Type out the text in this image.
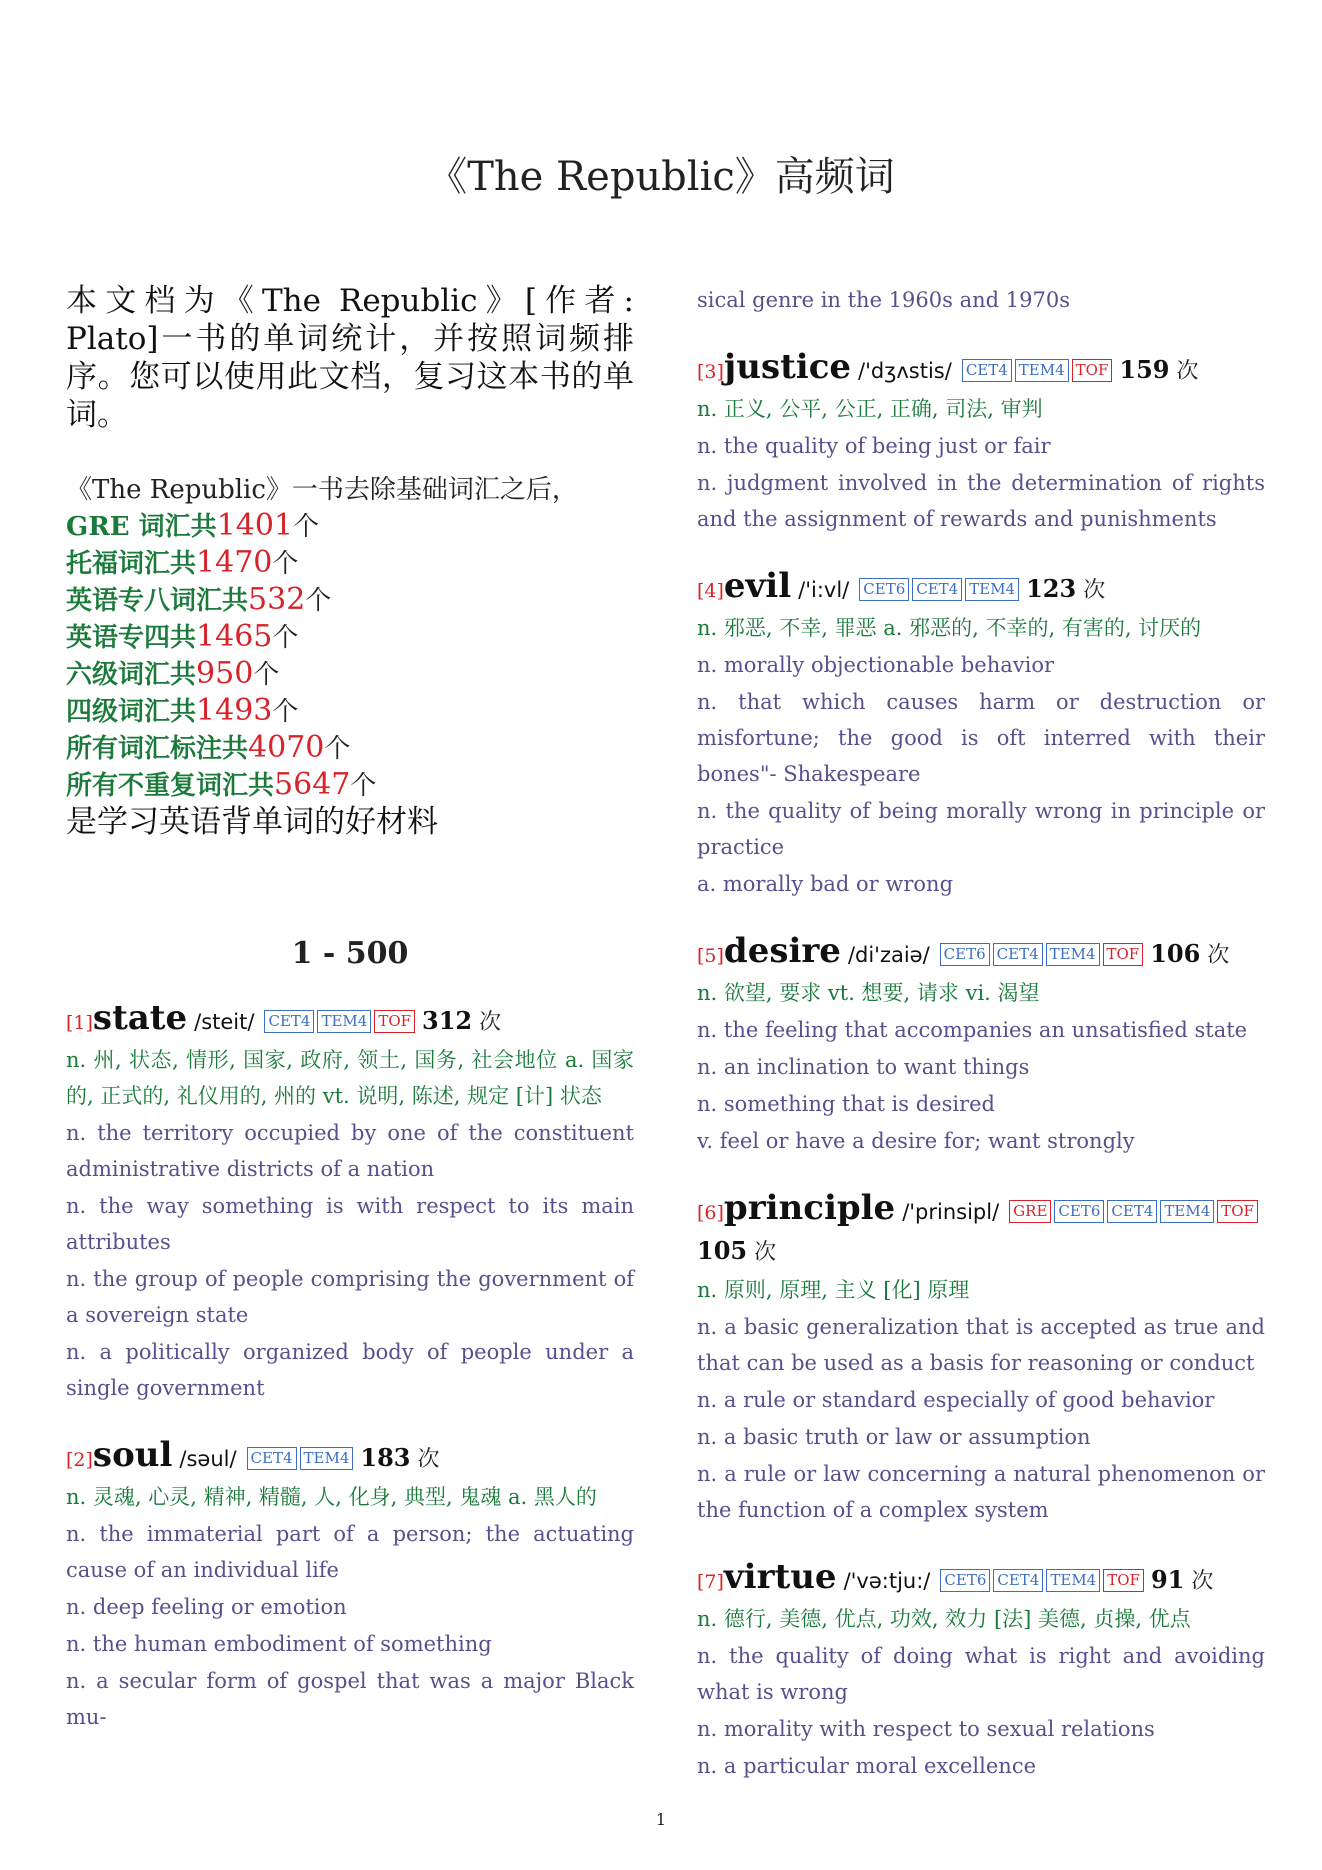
《The Republic》高频词
本文档为《The Republic》[作者: Plato]一书的单词统计，并按照词频排序。您可以使用此文档，复习这本书的单词。
《The Republic》一书去除基础词汇之后，
GRE 词汇共1401个
托福词汇共1470个
英语专八词汇共532个
英语专四共1465个
六级词汇共950个
四级词汇共1493个
所有词汇标注共4070个
所有不重复词汇共5647个
是学习英语背单词的好材料
1 - 500
[1]state /steit/ CET4 TEM4 TOF 312 次
n. 州, 状态, 情形, 国家, 政府, 领土, 国务, 社会地位 a. 国家的, 正式的, 礼仪用的, 州的 vt. 说明, 陈述, 规定 [计] 状态
n. the territory occupied by one of the constituent administrative districts of a nation
n. the way something is with respect to its main attributes
n. the group of people comprising the government of a sovereign state
n. a politically organized body of people under a single government
[2]soul /səul/ CET4 TEM4 183 次
n. 灵魂, 心灵, 精神, 精髓, 人, 化身, 典型, 鬼魂 a. 黑人的
n. the immaterial part of a person; the actuating cause of an individual life
n. deep feeling or emotion
n. the human embodiment of something
n. a secular form of gospel that was a major Black mu-
sical genre in the 1960s and 1970s
[3]justice /'dʒʌstis/ CET4 TEM4 TOF 159 次
n. 正义, 公平, 公正, 正确, 司法, 审判
n. the quality of being just or fair
n. judgment involved in the determination of rights and the assignment of rewards and punishments
[4]evil /'i:vl/ CET6 CET4 TEM4 123 次
n. 邪恶, 不幸, 罪恶 a. 邪恶的, 不幸的, 有害的, 讨厌的
n. morally objectionable behavior
n. that which causes harm or destruction or misfortune; the good is oft interred with their bones"- Shakespeare
n. the quality of being morally wrong in principle or practice
a. morally bad or wrong
[5]desire /di'zaiə/ CET6 CET4 TEM4 TOF 106 次
n. 欲望, 要求 vt. 想要, 请求 vi. 渴望
n. the feeling that accompanies an unsatisfied state
n. an inclination to want things
n. something that is desired
v. feel or have a desire for; want strongly
[6]principle /'prinsipl/ GRE CET6 CET4 TEM4 TOF 105 次
n. 原则, 原理, 主义 [化] 原理
n. a basic generalization that is accepted as true and that can be used as a basis for reasoning or conduct
n. a rule or standard especially of good behavior
n. a basic truth or law or assumption
n. a rule or law concerning a natural phenomenon or the function of a complex system
[7]virtue /'və:tju:/ CET6 CET4 TEM4 TOF 91 次
n. 德行, 美德, 优点, 功效, 效力 [法] 美德, 贞操, 优点
n. the quality of doing what is right and avoiding what is wrong
n. morality with respect to sexual relations
n. a particular moral excellence
1
